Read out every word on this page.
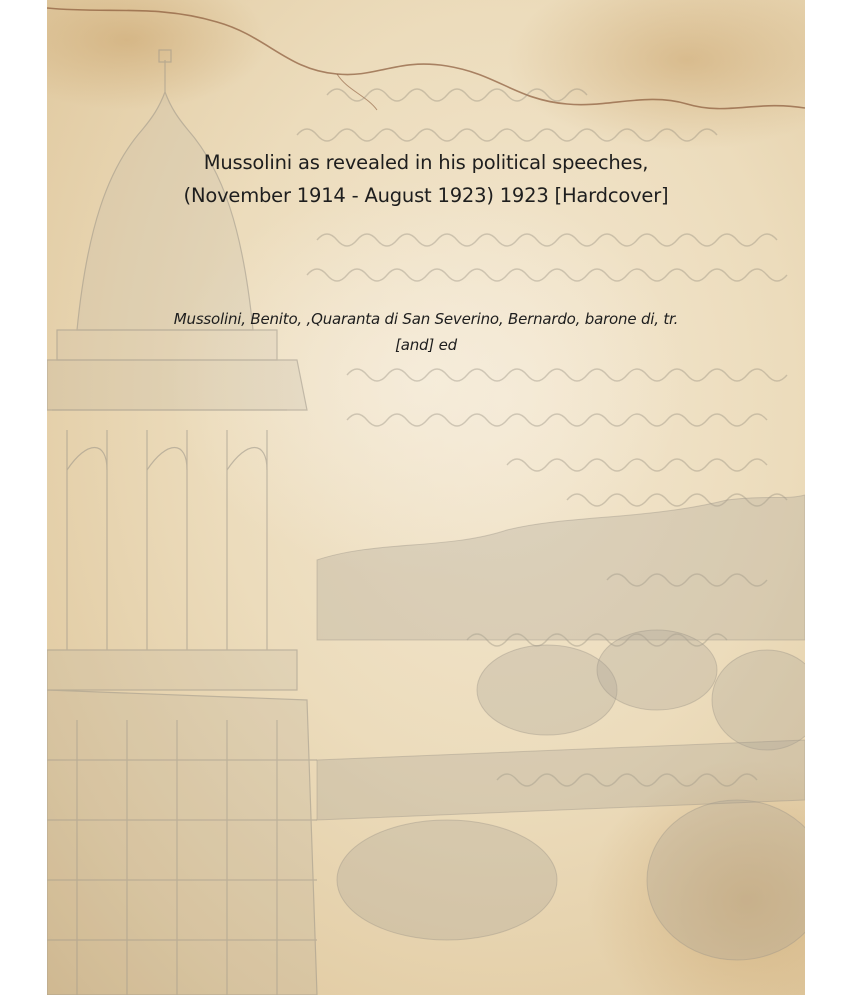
Mussolini as revealed in his political speeches,
(November 1914 - August 1923) 1923 [Hardcover]
Mussolini, Benito, ,Quaranta di San Severino, Bernardo, barone di, tr.
[and] ed
